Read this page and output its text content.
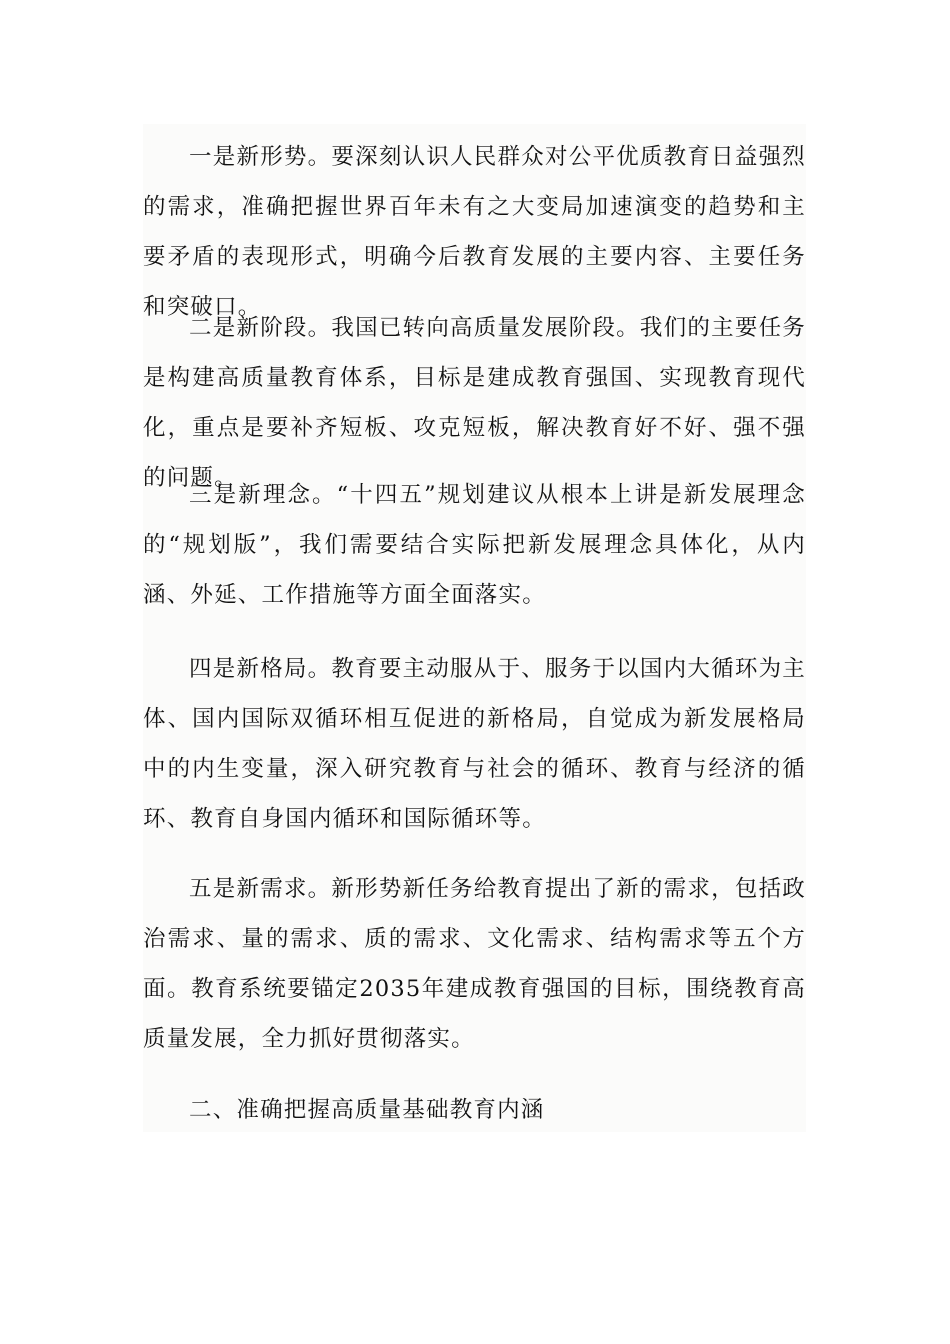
一是新形势。要深刻认识人民群众对公平优质教育日益强烈的需求，准确把握世界百年未有之大变局加速演变的趋势和主要矛盾的表现形式，明确今后教育发展的主要内容、主要任务和突破口。

二是新阶段。我国已转向高质量发展阶段。我们的主要任务是构建高质量教育体系，目标是建成教育强国、实现教育现代化，重点是要补齐短板、攻克短板，解决教育好不好、强不强的问题。

三是新理念。“十四五”规划建议从根本上讲是新发展理念的“规划版”，我们需要结合实际把新发展理念具体化，从内涵、外延、工作措施等方面全面落实。

四是新格局。教育要主动服从于、服务于以国内大循环为主体、国内国际双循环相互促进的新格局，自觉成为新发展格局中的内生变量，深入研究教育与社会的循环、教育与经济的循环、教育自身国内循环和国际循环等。

五是新需求。新形势新任务给教育提出了新的需求，包括政治需求、量的需求、质的需求、文化需求、结构需求等五个方面。教育系统要锚定2035年建成教育强国的目标，围绕教育高质量发展，全力抓好贯彻落实。

二、准确把握高质量基础教育内涵
